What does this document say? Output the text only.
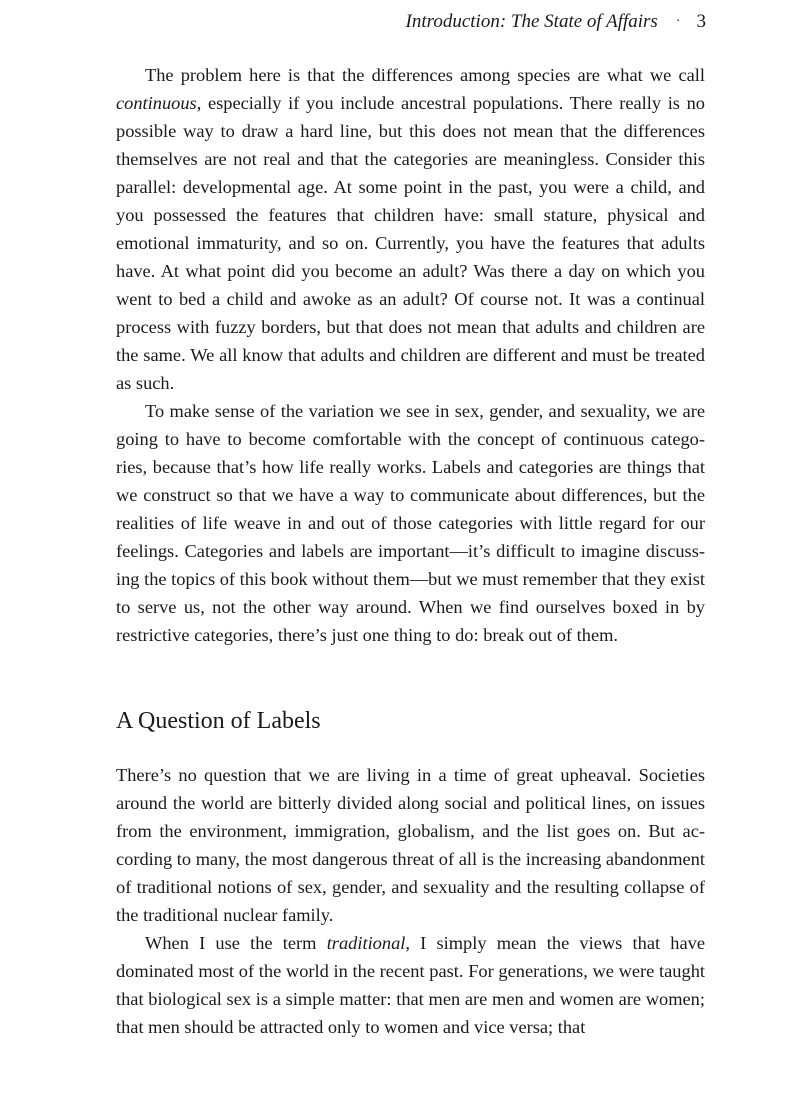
Introduction: The State of Affairs · 3

The problem here is that the differences among species are what we call continuous, especially if you include ancestral populations. There really is no possible way to draw a hard line, but this does not mean that the differences themselves are not real and that the categories are meaningless. Consider this parallel: developmental age. At some point in the past, you were a child, and you possessed the features that children have: small stature, physical and emotional immaturity, and so on. Currently, you have the features that adults have. At what point did you become an adult? Was there a day on which you went to bed a child and awoke as an adult? Of course not. It was a continual process with fuzzy borders, but that does not mean that adults and children are the same. We all know that adults and children are different and must be treated as such.

To make sense of the variation we see in sex, gender, and sexuality, we are going to have to become comfortable with the concept of continuous categories, because that’s how life really works. Labels and categories are things that we construct so that we have a way to communicate about differences, but the realities of life weave in and out of those categories with little regard for our feelings. Categories and labels are important—it’s difficult to imagine discussing the topics of this book without them—but we must remember that they exist to serve us, not the other way around. When we find ourselves boxed in by restrictive categories, there’s just one thing to do: break out of them.

A Question of Labels

There’s no question that we are living in a time of great upheaval. Societies around the world are bitterly divided along social and political lines, on issues from the environment, immigration, globalism, and the list goes on. But according to many, the most dangerous threat of all is the increasing abandonment of traditional notions of sex, gender, and sexuality and the resulting collapse of the traditional nuclear family.

When I use the term traditional, I simply mean the views that have dominated most of the world in the recent past. For generations, we were taught that biological sex is a simple matter: that men are men and women are women; that men should be attracted only to women and vice versa; that
